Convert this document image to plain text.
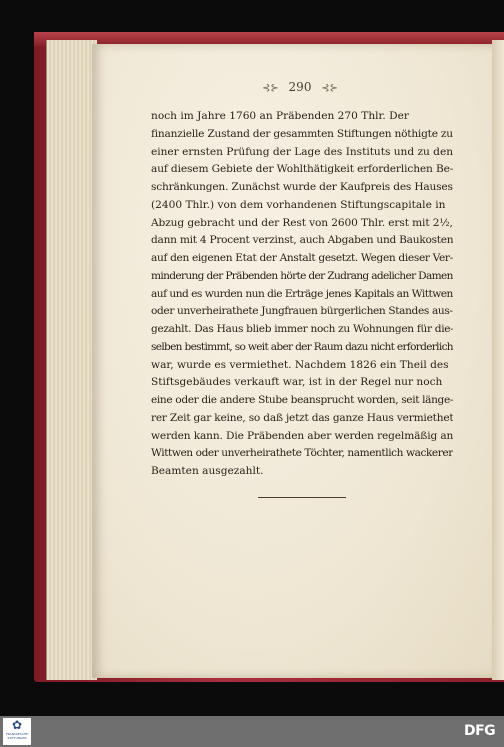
⊰⊱ 290 ⊰⊱
noch im Jahre 1760 an Präbenden 270 Thlr. Der
finanzielle Zustand der gesammten Stiftungen nöthigte zu
einer ernsten Prüfung der Lage des Instituts und zu den
auf diesem Gebiete der Wohlthätigkeit erforderlichen Be-
schränkungen. Zunächst wurde der Kaufpreis des Hauses
(2400 Thlr.) von dem vorhandenen Stiftungscapitale in
Abzug gebracht und der Rest von 2600 Thlr. erst mit 2½,
dann mit 4 Procent verzinst, auch Abgaben und Baukosten
auf den eigenen Etat der Anstalt gesetzt. Wegen dieser Ver-
minderung der Präbenden hörte der Zudrang adelicher Damen
auf und es wurden nun die Erträge jenes Kapitals an Wittwen
oder unverheirathete Jungfrauen bürgerlichen Standes aus-
gezahlt. Das Haus blieb immer noch zu Wohnungen für die-
selben bestimmt, so weit aber der Raum dazu nicht erforderlich
war, wurde es vermiethet. Nachdem 1826 ein Theil des
Stiftsgebäudes verkauft war, ist in der Regel nur noch
eine oder die andere Stube beansprucht worden, seit länge-
rer Zeit gar keine, so daß jetzt das ganze Haus vermiethet
werden kann. Die Präbenden aber werden regelmäßig an
Wittwen oder unverheirathete Töchter, namentlich wackerer
Beamten ausgezahlt.
✿
FRANCKESCHE STIFTUNGEN	DFG
